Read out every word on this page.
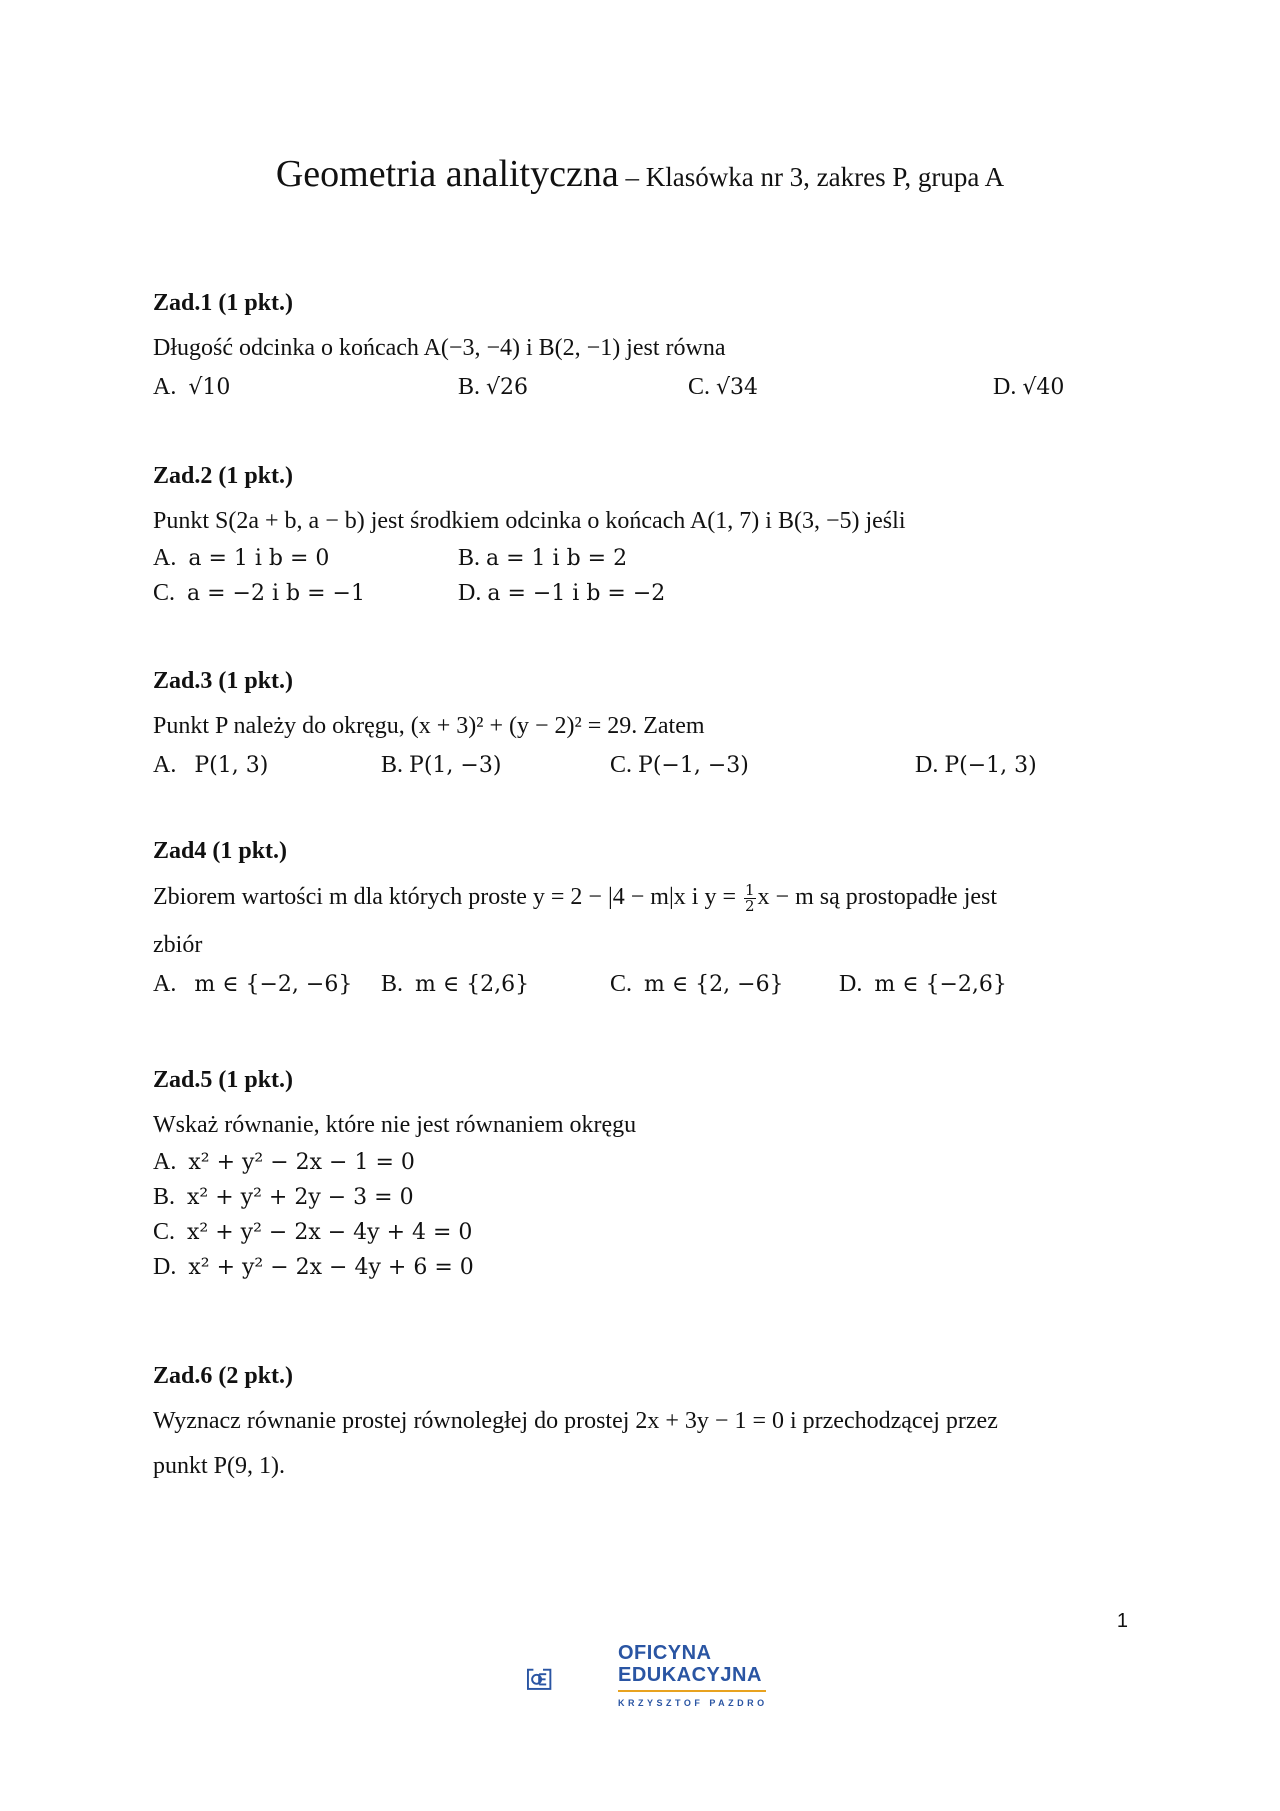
Geometria analityczna – Klasówka nr 3, zakres P, grupa A

Zad.1 (1 pkt.)

Długość odcinka o końcach A(−3, −4) i B(2, −1) jest równa

A. √10	B. √26	C. √34	D. √40

Zad.2 (1 pkt.)

Punkt S(2a + b, a − b) jest środkiem odcinka o końcach A(1, 7) i B(3, −5) jeśli

A. a = 1 i b = 0	B. a = 1 i b = 2
C. a = −2 i b = −1	D. a = −1 i b = −2

Zad.3 (1 pkt.)

Punkt P należy do okręgu, (x + 3)² + (y − 2)² = 29. Zatem

A. P(1, 3)	B. P(1, −3)	C. P(−1, −3)	D. P(−1, 3)

Zad4 (1 pkt.)

Zbiorem wartości m dla których proste y = 2 − |4 − m|x i $y = \frac{1}{2}$ x − m są prostopadłe jest

zbiór

A. m ∈ {−2, −6} B. m ∈ {2,6}	C. m ∈ {2, −6} D. m ∈ {−2,6}

Zad.5 (1 pkt.)

Wskaż równanie, które nie jest równaniem okręgu

A. x² + y² − 2x − 1 = 0
B. x² + y² + 2y − 3 = 0
C. x² + y² − 2x − 4y + 4 = 0
D. x² + y² − 2x − 4y + 6 = 0

Zad.6 (2 pkt.)

Wyznacz równanie prostej równoległej do prostej 2x + 3y − 1 = 0 i przechodzącej przez

punkt P(9, 1).

1
OFICYNA
EDUKACYJNA
KRZYSZTOF PAZDRO
